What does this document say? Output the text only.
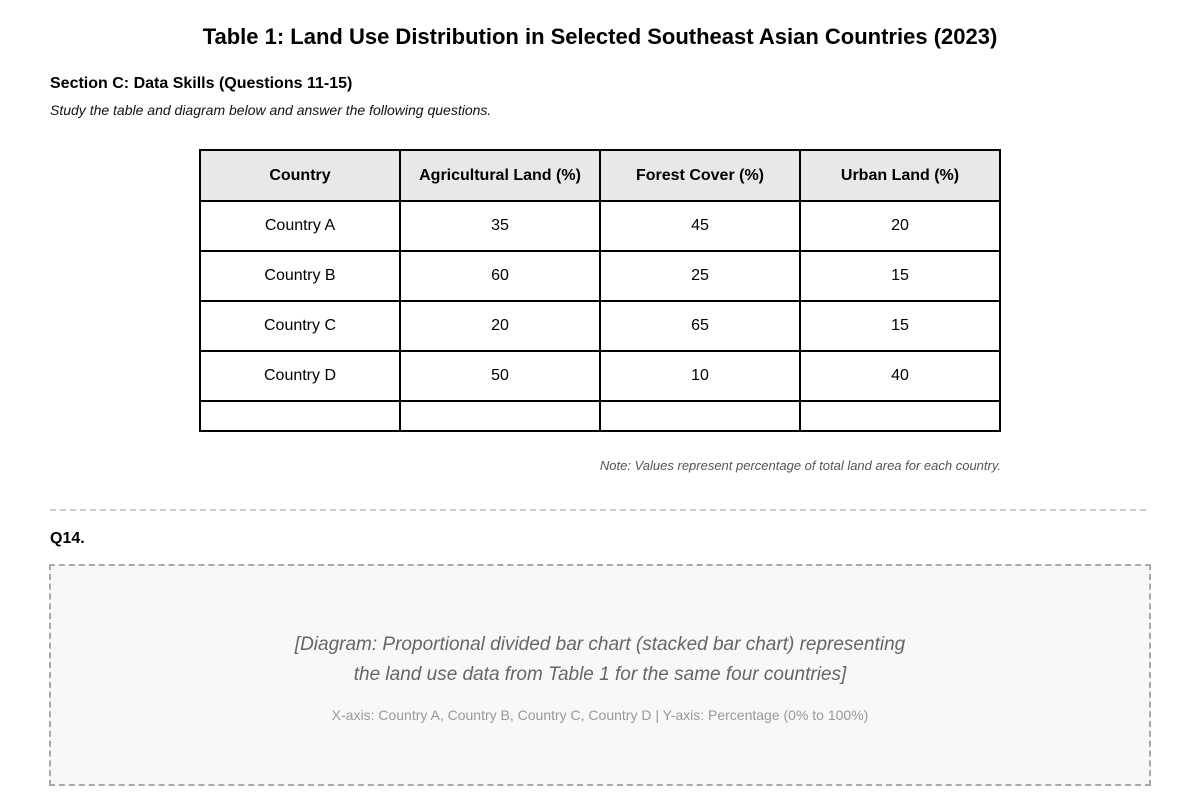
Table 1: Land Use Distribution in Selected Southeast Asian Countries (2023)
Section C: Data Skills (Questions 11-15)
Study the table and diagram below and answer the following questions.
Country	Agricultural Land (%)	Forest Cover (%)	Urban Land (%)
Country A	35	45	20
Country B	60	25	15
Country C	20	65	15
Country D	50	10	40

Note: Values represent percentage of total land area for each country.
Q14.
[Diagram: Proportional divided bar chart (stacked bar chart) representing
the land use data from Table 1 for the same four countries]
X-axis: Country A, Country B, Country C, Country D | Y-axis: Percentage (0% to 100%)
